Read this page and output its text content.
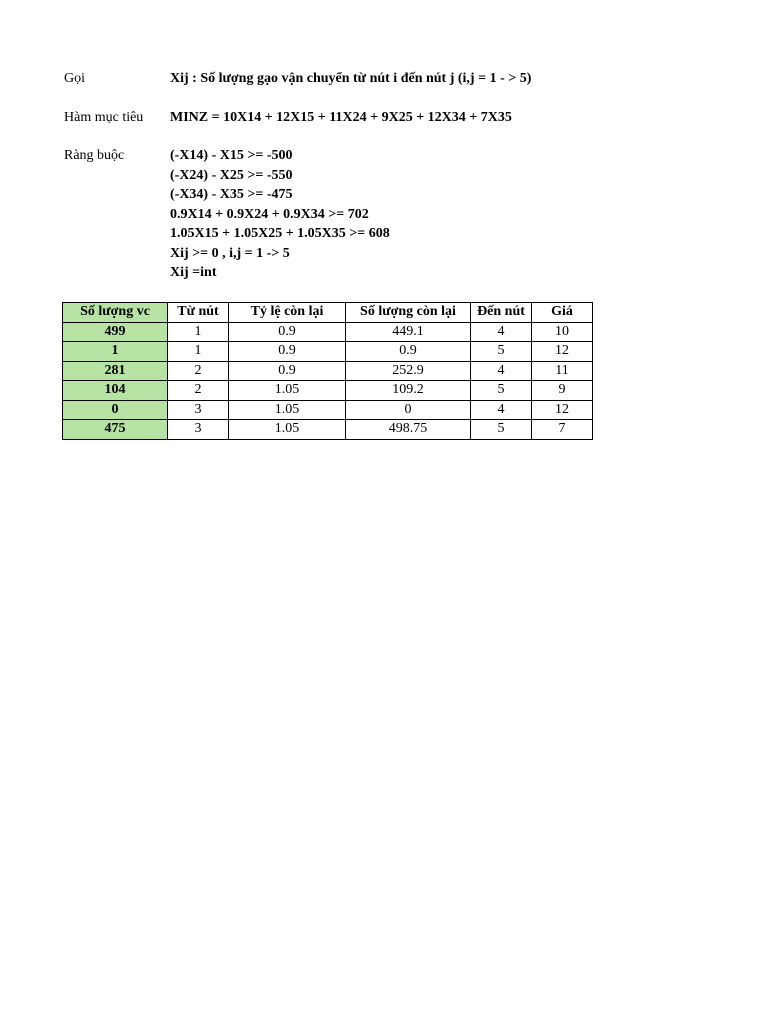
Gọi	Xij : Số lượng gạo vận chuyển từ nút i đến nút j (i,j = 1 - > 5)
Hàm mục tiêu MINZ = 10X14 + 12X15 + 11X24 + 9X25 + 12X34 + 7X35
Ràng buộc	(-X14) - X15 >= -500
(-X24) - X25 >= -550
(-X34) - X35 >= -475
0.9X14 + 0.9X24 + 0.9X34 >= 702
1.05X15 + 1.05X25 + 1.05X35 >= 608
Xij >= 0 , i,j = 1 -> 5
Xij =int
Số lượng vc	Từ nút	Tỷ lệ còn lại	Số lượng còn lại	Đến nút	Giá
499	1	0.9	449.1	4	10
1	1	0.9	0.9	5	12
281	2	0.9	252.9	4	11
104	2	1.05	109.2	5	9
0	3	1.05	0	4	12
475	3	1.05	498.75	5	7
